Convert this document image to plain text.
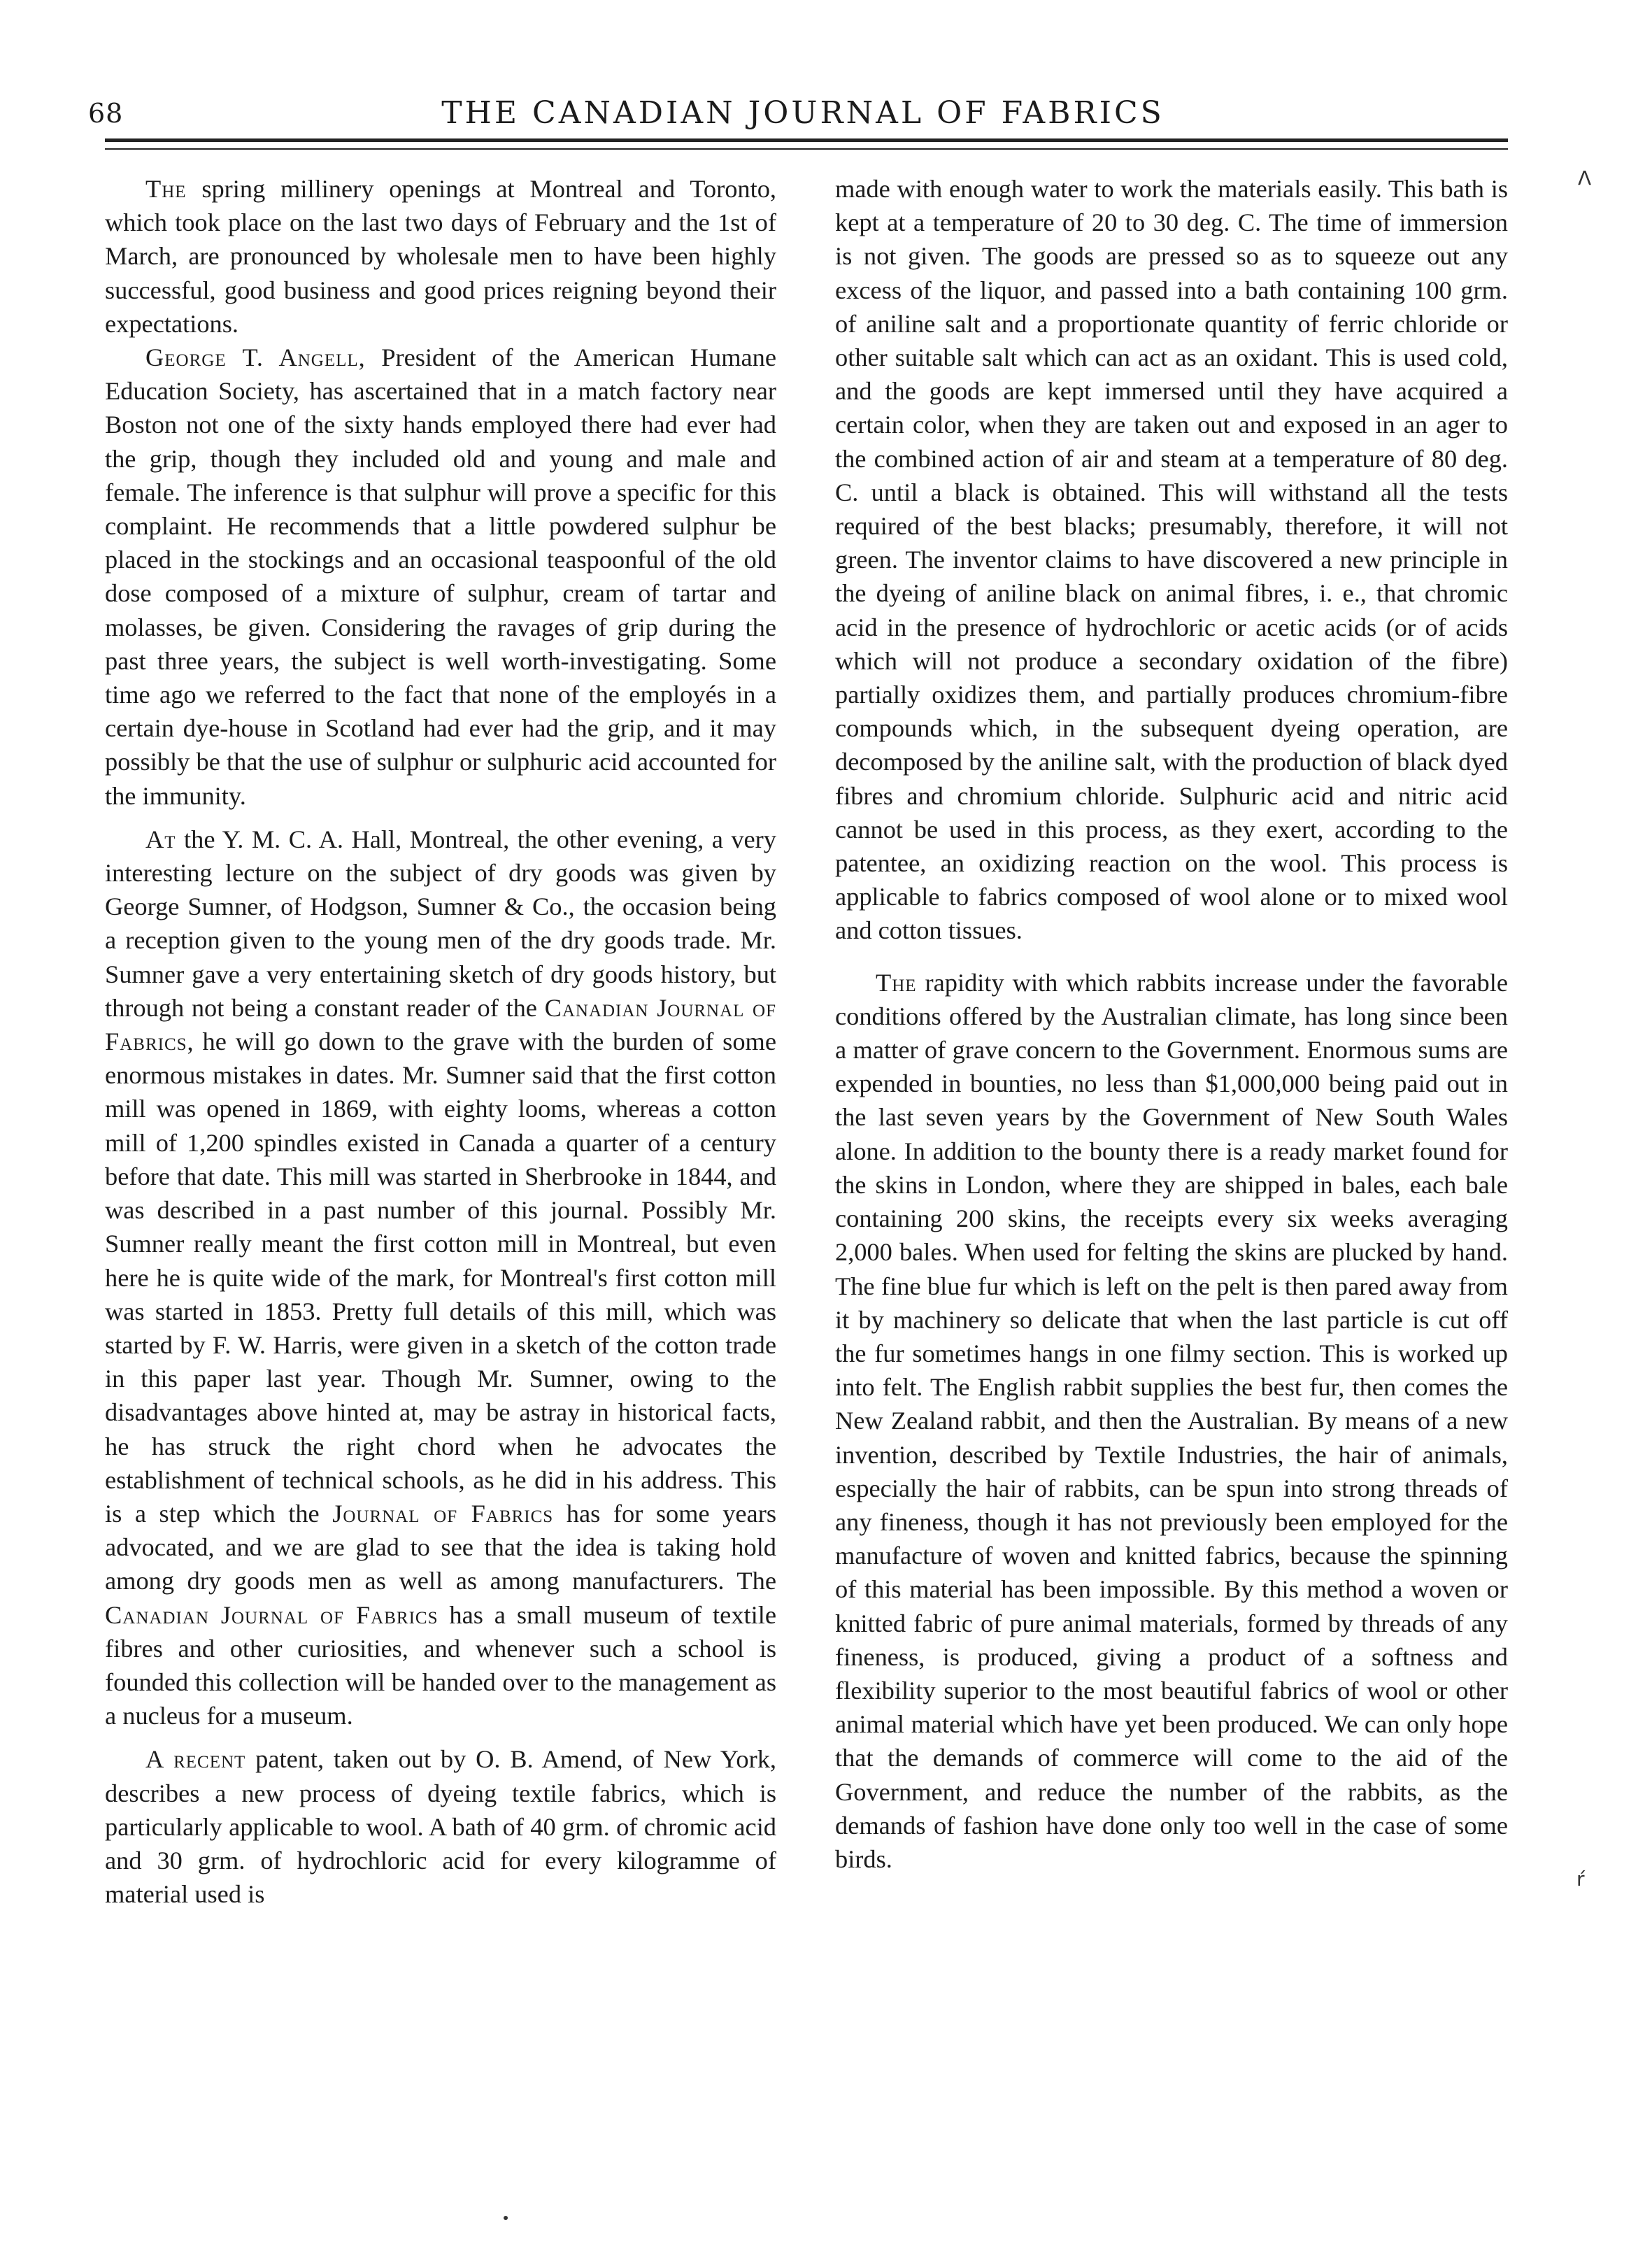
68	THE CANADIAN JOURNAL OF FABRICS

The spring millinery openings at Montreal and Toronto, which took place on the last two days of February and the 1st of March, are pronounced by wholesale men to have been highly successful, good business and good prices reigning beyond their expectations.

George T. Angell, President of the American Humane Education Society, has ascertained that in a match factory near Boston not one of the sixty hands employed there had ever had the grip, though they included old and young and male and female. The inference is that sulphur will prove a specific for this complaint. He recommends that a little powdered sulphur be placed in the stockings and an occasional teaspoonful of the old dose composed of a mixture of sulphur, cream of tartar and molasses, be given. Considering the ravages of grip during the past three years, the subject is well worth-investigating. Some time ago we referred to the fact that none of the employés in a certain dye-house in Scotland had ever had the grip, and it may possibly be that the use of sulphur or sulphuric acid accounted for the immunity.

At the Y. M. C. A. Hall, Montreal, the other evening, a very interesting lecture on the subject of dry goods was given by George Sumner, of Hodgson, Sumner & Co., the occasion being a reception given to the young men of the dry goods trade. Mr. Sumner gave a very entertaining sketch of dry goods history, but through not being a constant reader of the Canadian Journal of Fabrics, he will go down to the grave with the burden of some enormous mistakes in dates. Mr. Sumner said that the first cotton mill was opened in 1869, with eighty looms, whereas a cotton mill of 1,200 spindles existed in Canada a quarter of a century before that date. This mill was started in Sherbrooke in 1844, and was described in a past number of this journal. Possibly Mr. Sumner really meant the first cotton mill in Montreal, but even here he is quite wide of the mark, for Montreal's first cotton mill was started in 1853. Pretty full details of this mill, which was started by F. W. Harris, were given in a sketch of the cotton trade in this paper last year. Though Mr. Sumner, owing to the disadvantages above hinted at, may be astray in historical facts, he has struck the right chord when he advocates the establishment of technical schools, as he did in his address. This is a step which the Journal of Fabrics has for some years advocated, and we are glad to see that the idea is taking hold among dry goods men as well as among manufacturers. The Canadian Journal of Fabrics has a small museum of textile fibres and other curiosities, and whenever such a school is founded this collection will be handed over to the management as a nucleus for a museum.

A recent patent, taken out by O. B. Amend, of New York, describes a new process of dyeing textile fabrics, which is particularly applicable to wool. A bath of 40 grm. of chromic acid and 30 grm. of hydrochloric acid for every kilogramme of material used is

made with enough water to work the materials easily. This bath is kept at a temperature of 20 to 30 deg. C. The time of immersion is not given. The goods are pressed so as to squeeze out any excess of the liquor, and passed into a bath containing 100 grm. of aniline salt and a proportionate quantity of ferric chloride or other suitable salt which can act as an oxidant. This is used cold, and the goods are kept immersed until they have acquired a certain color, when they are taken out and exposed in an ager to the combined action of air and steam at a temperature of 80 deg. C. until a black is obtained. This will withstand all the tests required of the best blacks; presumably, therefore, it will not green. The inventor claims to have discovered a new principle in the dyeing of aniline black on animal fibres, i. e., that chromic acid in the presence of hydrochloric or acetic acids (or of acids which will not produce a secondary oxidation of the fibre) partially oxidizes them, and partially produces chromium-fibre compounds which, in the subsequent dyeing operation, are decomposed by the aniline salt, with the production of black dyed fibres and chromium chloride. Sulphuric acid and nitric acid cannot be used in this process, as they exert, according to the patentee, an oxidizing reaction on the wool. This process is applicable to fabrics composed of wool alone or to mixed wool and cotton tissues.

The rapidity with which rabbits increase under the favorable conditions offered by the Australian climate, has long since been a matter of grave concern to the Government. Enormous sums are expended in bounties, no less than $1,000,000 being paid out in the last seven years by the Government of New South Wales alone. In addition to the bounty there is a ready market found for the skins in London, where they are shipped in bales, each bale containing 200 skins, the receipts every six weeks averaging 2,000 bales. When used for felting the skins are plucked by hand. The fine blue fur which is left on the pelt is then pared away from it by machinery so delicate that when the last particle is cut off the fur sometimes hangs in one filmy section. This is worked up into felt. The English rabbit supplies the best fur, then comes the New Zealand rabbit, and then the Australian. By means of a new invention, described by Textile Industries, the hair of animals, especially the hair of rabbits, can be spun into strong threads of any fineness, though it has not previously been employed for the manufacture of woven and knitted fabrics, because the spinning of this material has been impossible. By this method a woven or knitted fabric of pure animal materials, formed by threads of any fineness, is produced, giving a product of a softness and flexibility superior to the most beautiful fabrics of wool or other animal material which have yet been produced. We can only hope that the demands of commerce will come to the aid of the Government, and reduce the number of the rabbits, as the demands of fashion have done only too well in the case of some birds.

Λ
ŕ
